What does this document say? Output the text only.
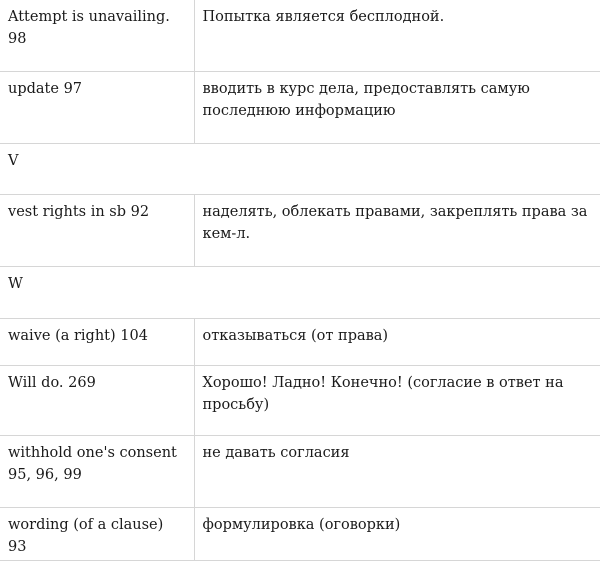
Attempt is unavailing. 98	Попытка является бесплодной.
update 97	вводить в курс дела, предоставлять самую последнюю информацию
V	
vest rights in sb 92	наделять, облекать правами, закреплять права за кем-л.
W	
waive (a right) 104	отказываться (от права)
Will do. 269	Хорошо! Ладно! Конечно! (согласие в ответ на просьбу)
withhold one's consent 95, 96, 99	не давать согласия
wording (of a clause) 93	формулировка (оговорки)
